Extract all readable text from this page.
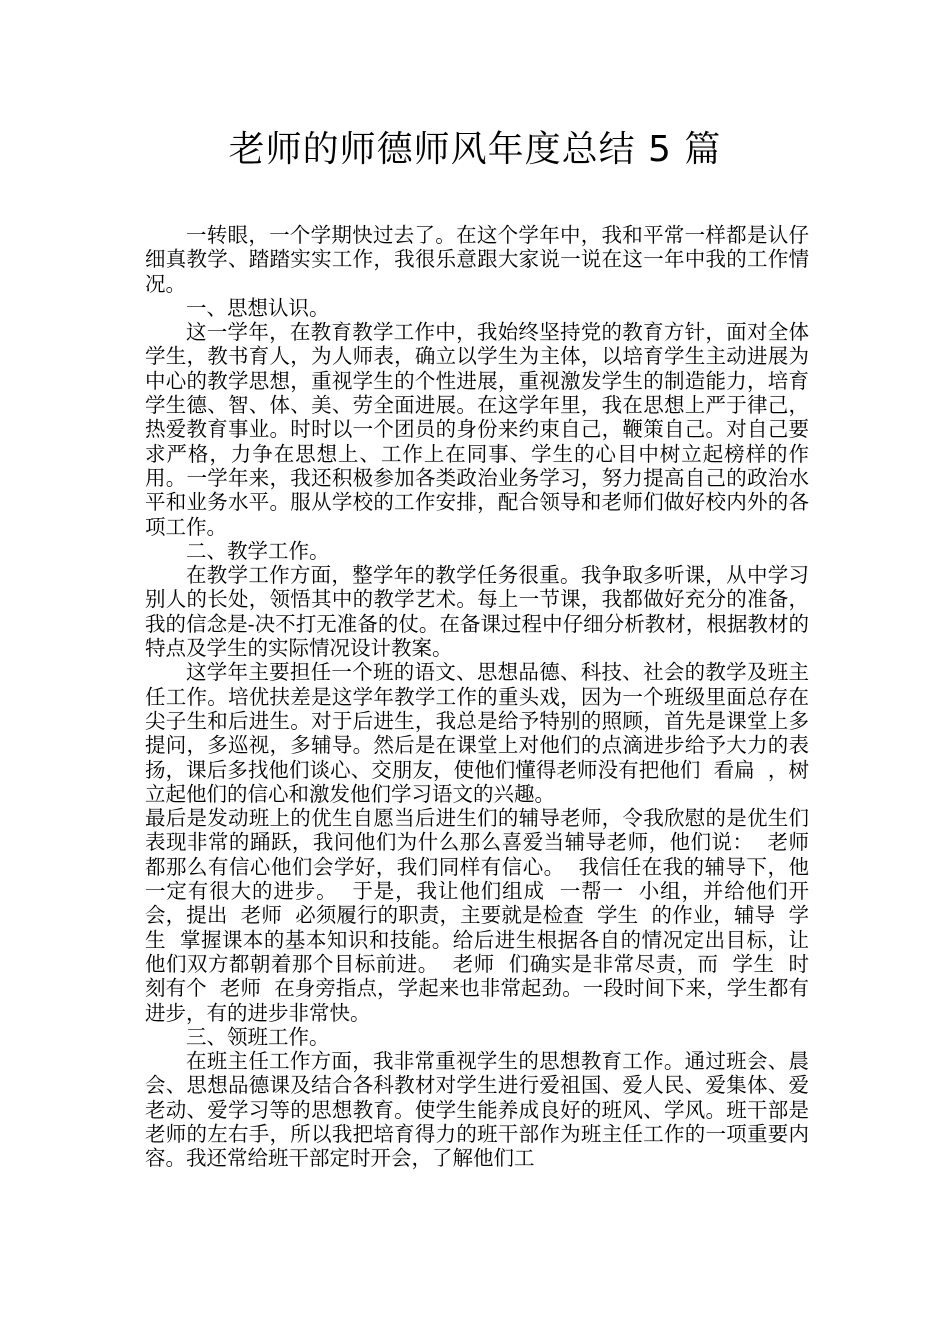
老师的师德师风年度总结 5 篇

一转眼，一个学期快过去了。在这个学年中，我和平常一样都是认仔细真教学、踏踏实实工作，我很乐意跟大家说一说在这一年中我的工作情况。

一、思想认识。

这一学年，在教育教学工作中，我始终坚持党的教育方针，面对全体学生，教书育人，为人师表，确立以学生为主体，以培育学生主动进展为中心的教学思想，重视学生的个性进展，重视激发学生的制造能力，培育学生德、智、体、美、劳全面进展。在这学年里，我在思想上严于律己，热爱教育事业。时时以一个团员的身份来约束自己，鞭策自己。对自己要求严格，力争在思想上、工作上在同事、学生的心目中树立起榜样的作用。一学年来，我还积极参加各类政治业务学习，努力提高自己的政治水平和业务水平。服从学校的工作安排，配合领导和老师们做好校内外的各项工作。

二、教学工作。

在教学工作方面，整学年的教学任务很重。我争取多听课，从中学习别人的长处，领悟其中的教学艺术。每上一节课，我都做好充分的准备，我的信念是-决不打无准备的仗。在备课过程中仔细分析教材，根据教材的特点及学生的实际情况设计教案。

这学年主要担任一个班的语文、思想品德、科技、社会的教学及班主任工作。培优扶差是这学年教学工作的重头戏，因为一个班级里面总存在尖子生和后进生。对于后进生，我总是给予特别的照顾，首先是课堂上多提问，多巡视，多辅导。然后是在课堂上对他们的点滴进步给予大力的表扬，课后多找他们谈心、交朋友，使他们懂得老师没有把他们  看扁  ，树立起他们的信心和激发他们学习语文的兴趣。

最后是发动班上的优生自愿当后进生们的辅导老师，令我欣慰的是优生们表现非常的踊跃，我问他们为什么那么喜爱当辅导老师，他们说：  老师都那么有信心他们会学好，我们同样有信心。  我信任在我的辅导下，他一定有很大的进步。  于是，我让他们组成  一帮一  小组，并给他们开会，提出  老师  必须履行的职责，主要就是检查  学生  的作业，辅导  学生  掌握课本的基本知识和技能。给后进生根据各自的情况定出目标，让他们双方都朝着那个目标前进。  老师  们确实是非常尽责，而  学生  时刻有个  老师  在身旁指点，学起来也非常起劲。一段时间下来，学生都有进步，有的进步非常快。

三、领班工作。

在班主任工作方面，我非常重视学生的思想教育工作。通过班会、晨会、思想品德课及结合各科教材对学生进行爱祖国、爱人民、爱集体、爱老动、爱学习等的思想教育。使学生能养成良好的班风、学风。班干部是老师的左右手，所以我把培育得力的班干部作为班主任工作的一项重要内容。我还常给班干部定时开会，了解他们工
